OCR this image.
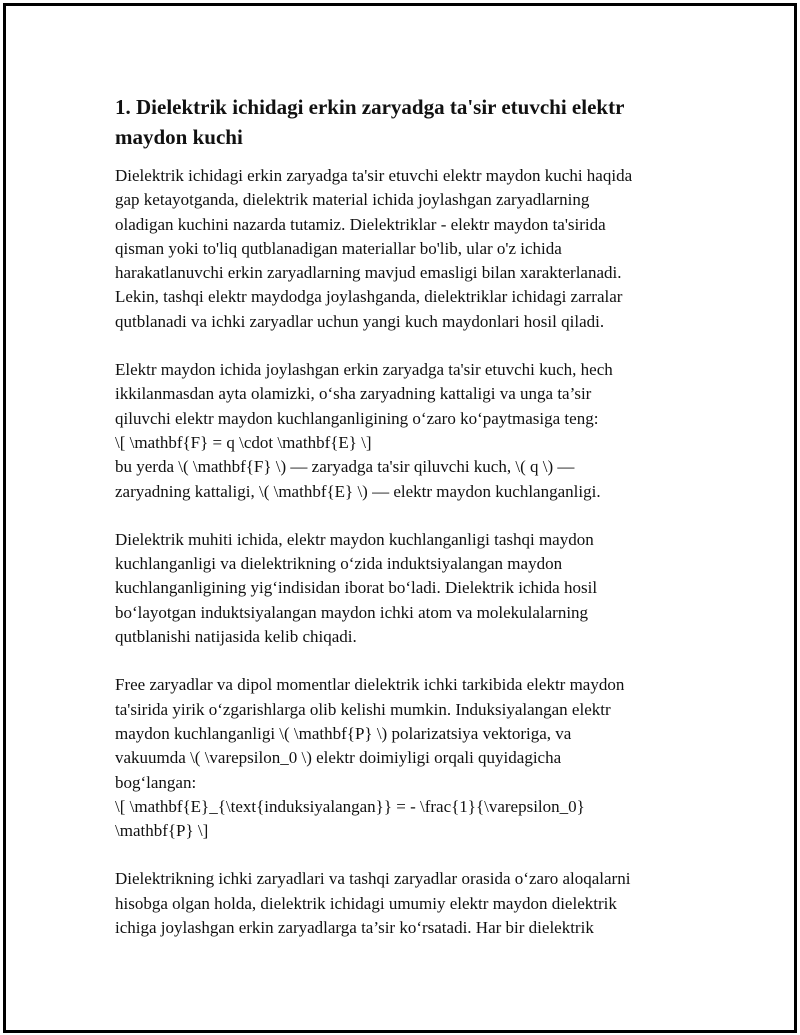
1. Dielektrik ichidagi erkin zaryadga ta'sir etuvchi elektr
maydon kuchi

Dielektrik ichidagi erkin zaryadga ta'sir etuvchi elektr maydon kuchi haqida
gap ketayotganda, dielektrik material ichida joylashgan zaryadlarning
oladigan kuchini nazarda tutamiz. Dielektriklar - elektr maydon ta'sirida
qisman yoki to'liq qutblanadigan materiallar bo'lib, ular o'z ichida
harakatlanuvchi erkin zaryadlarning mavjud emasligi bilan xarakterlanadi.
Lekin, tashqi elektr maydodga joylashganda, dielektriklar ichidagi zarralar
qutblanadi va ichki zaryadlar uchun yangi kuch maydonlari hosil qiladi.

Elektr maydon ichida joylashgan erkin zaryadga ta'sir etuvchi kuch, hech
ikkilanmasdan ayta olamizki, o‘sha zaryadning kattaligi va unga ta’sir
qiluvchi elektr maydon kuchlanganligining o‘zaro ko‘paytmasiga teng:
\[ \mathbf{F} = q \cdot \mathbf{E} \]
bu yerda \( \mathbf{F} \) — zaryadga ta'sir qiluvchi kuch, \( q \) —
zaryadning kattaligi, \( \mathbf{E} \) — elektr maydon kuchlanganligi.

Dielektrik muhiti ichida, elektr maydon kuchlanganligi tashqi maydon
kuchlanganligi va dielektrikning o‘zida induktsiyalangan maydon
kuchlanganligining yig‘indisidan iborat bo‘ladi. Dielektrik ichida hosil
bo‘layotgan induktsiyalangan maydon ichki atom va molekulalarning
qutblanishi natijasida kelib chiqadi.

Free zaryadlar va dipol momentlar dielektrik ichki tarkibida elektr maydon
ta'sirida yirik o‘zgarishlarga olib kelishi mumkin. Induksiyalangan elektr
maydon kuchlanganligi \( \mathbf{P} \) polarizatsiya vektoriga, va
vakuumda \( \varepsilon_0 \) elektr doimiyligi orqali quyidagicha
bog‘langan:
\[ \mathbf{E}_{\text{induksiyalangan}} = - \frac{1}{\varepsilon_0}
\mathbf{P} \]

Dielektrikning ichki zaryadlari va tashqi zaryadlar orasida o‘zaro aloqalarni
hisobga olgan holda, dielektrik ichidagi umumiy elektr maydon dielektrik
ichiga joylashgan erkin zaryadlarga ta’sir ko‘rsatadi. Har bir dielektrik
